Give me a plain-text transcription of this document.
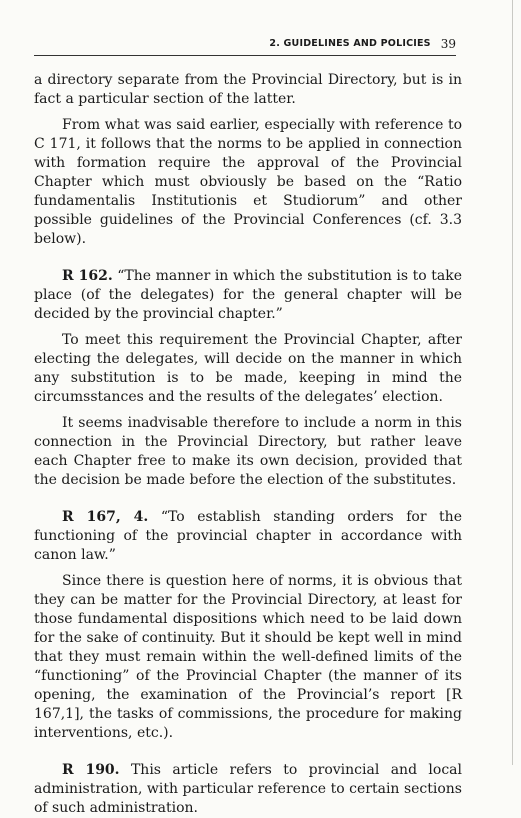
2. GUIDELINES AND POLICIES 39

a directory separate from the Provincial Directory, but is in fact a particular section of the latter.

From what was said earlier, especially with reference to C 171, it follows that the norms to be applied in connection with formation require the approval of the Provincial Chapter which must obviously be based on the “Ratio fundamentalis Institutionis et Studiorum” and other possible guidelines of the Provincial Conferences (cf. 3.3 below).

R 162. “The manner in which the substitution is to take place (of the delegates) for the general chapter will be decided by the provincial chapter.”

To meet this requirement the Provincial Chapter, after electing the delegates, will decide on the manner in which any substitution is to be made, keeping in mind the circumsstances and the results of the delegates’ election.

It seems inadvisable therefore to include a norm in this connection in the Provincial Directory, but rather leave each Chapter free to make its own decision, provided that the decision be made before the election of the substitutes.

R 167, 4. “To establish standing orders for the functioning of the provincial chapter in accordance with canon law.”

Since there is question here of norms, it is obvious that they can be matter for the Provincial Directory, at least for those fundamental dispositions which need to be laid down for the sake of continuity. But it should be kept well in mind that they must remain within the well-defined limits of the “functioning” of the Provincial Chapter (the manner of its opening, the examination of the Provincial’s report [R 167,1], the tasks of commissions, the procedure for making interventions, etc.).

R 190. This article refers to provincial and local administration, with particular reference to certain sections of such administration.
